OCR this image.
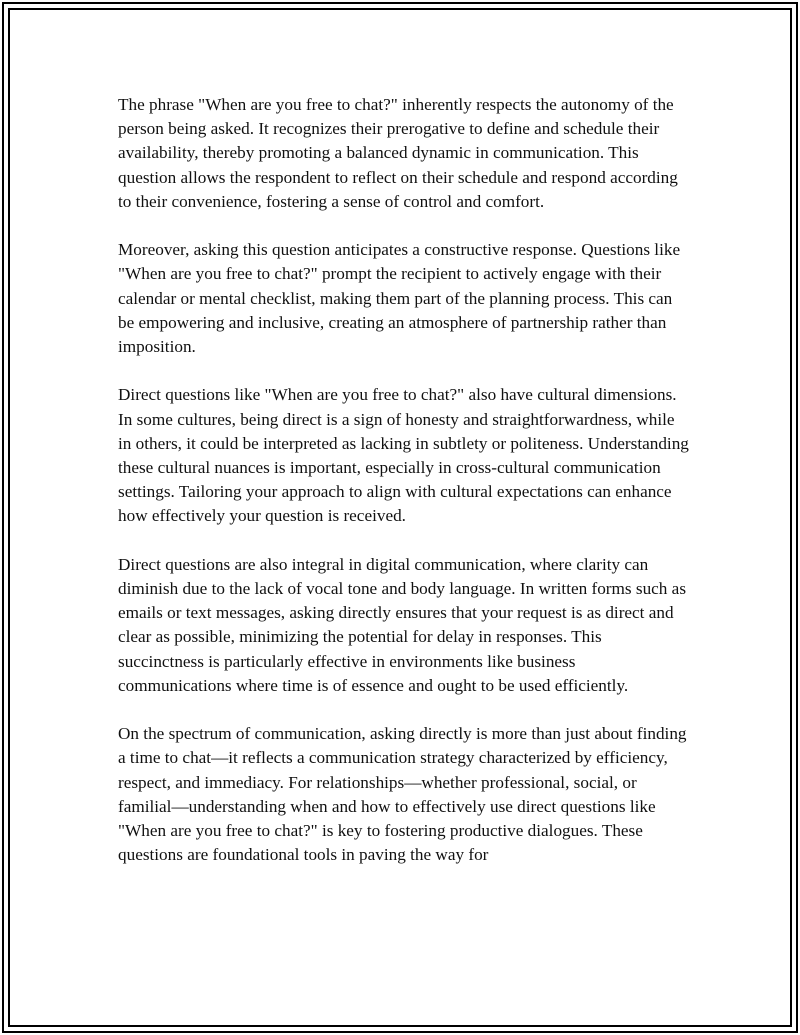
The phrase "When are you free to chat?" inherently respects the autonomy of the person being asked. It recognizes their prerogative to define and schedule their availability, thereby promoting a balanced dynamic in communication. This question allows the respondent to reflect on their schedule and respond according to their convenience, fostering a sense of control and comfort.

Moreover, asking this question anticipates a constructive response. Questions like "When are you free to chat?" prompt the recipient to actively engage with their calendar or mental checklist, making them part of the planning process. This can be empowering and inclusive, creating an atmosphere of partnership rather than imposition.

Direct questions like "When are you free to chat?" also have cultural dimensions. In some cultures, being direct is a sign of honesty and straightforwardness, while in others, it could be interpreted as lacking in subtlety or politeness. Understanding these cultural nuances is important, especially in cross-cultural communication settings. Tailoring your approach to align with cultural expectations can enhance how effectively your question is received.

Direct questions are also integral in digital communication, where clarity can diminish due to the lack of vocal tone and body language. In written forms such as emails or text messages, asking directly ensures that your request is as direct and clear as possible, minimizing the potential for delay in responses. This succinctness is particularly effective in environments like business communications where time is of essence and ought to be used efficiently.

On the spectrum of communication, asking directly is more than just about finding a time to chat—it reflects a communication strategy characterized by efficiency, respect, and immediacy. For relationships—whether professional, social, or familial—understanding when and how to effectively use direct questions like "When are you free to chat?" is key to fostering productive dialogues. These questions are foundational tools in paving the way for
